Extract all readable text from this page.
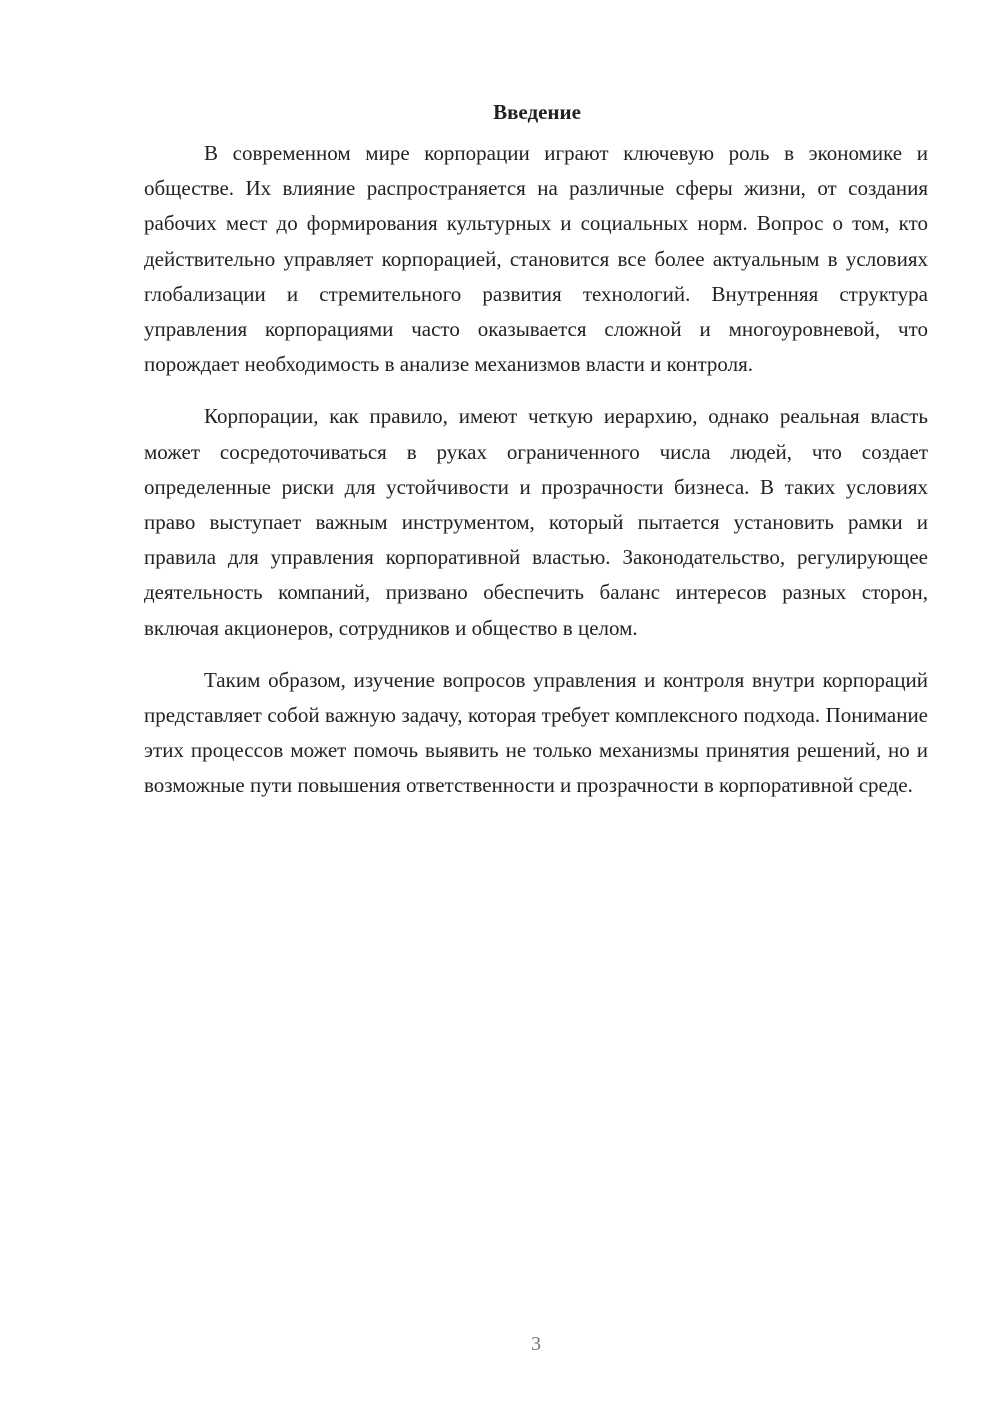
Введение

В современном мире корпорации играют ключевую роль в экономике и обществе. Их влияние распространяется на различные сферы жизни, от создания рабочих мест до формирования культурных и социальных норм. Вопрос о том, кто действительно управляет корпорацией, становится все более актуальным в условиях глобализации и стремительного развития технологий. Внутренняя структура управления корпорациями часто оказывается сложной и многоуровневой, что порождает необходимость в анализе механизмов власти и контроля.

Корпорации, как правило, имеют четкую иерархию, однако реальная власть может сосредоточиваться в руках ограниченного числа людей, что создает определенные риски для устойчивости и прозрачности бизнеса. В таких условиях право выступает важным инструментом, который пытается установить рамки и правила для управления корпоративной властью. Законодательство, регулирующее деятельность компаний, призвано обеспечить баланс интересов разных сторон, включая акционеров, сотрудников и общество в целом.

Таким образом, изучение вопросов управления и контроля внутри корпораций представляет собой важную задачу, которая требует комплексного подхода. Понимание этих процессов может помочь выявить не только механизмы принятия решений, но и возможные пути повышения ответственности и прозрачности в корпоративной среде.

3
